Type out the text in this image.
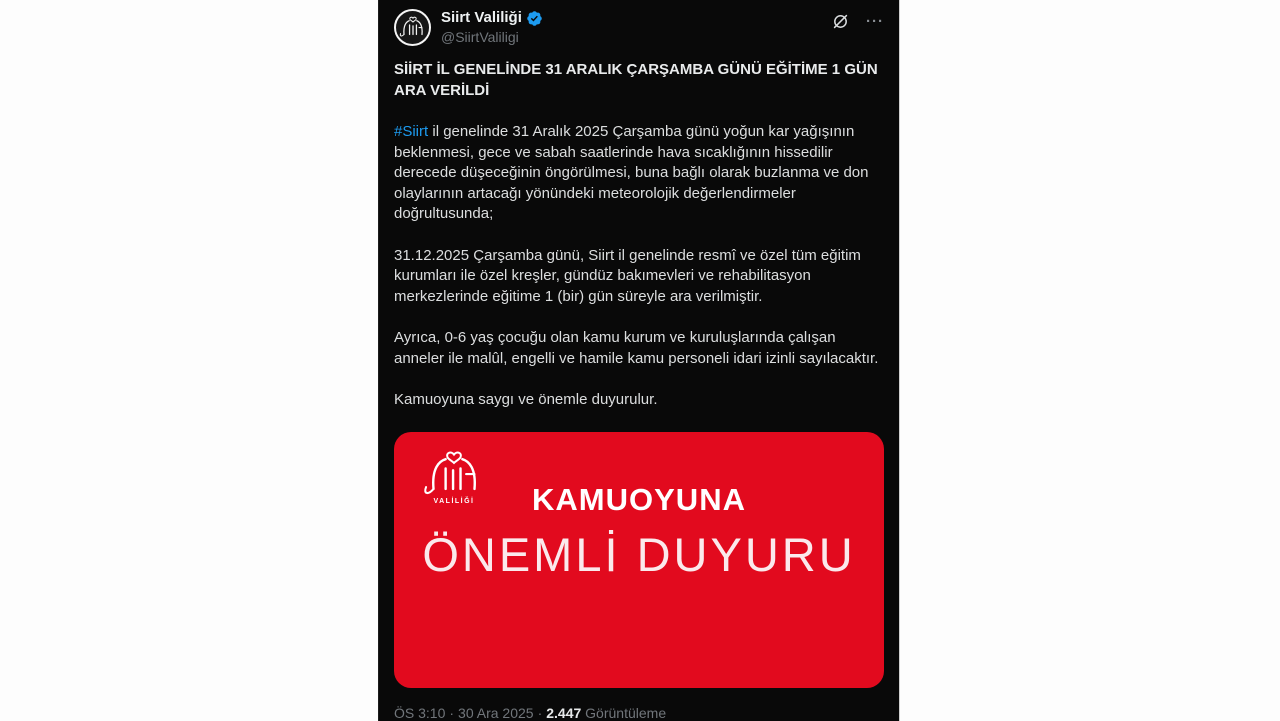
Siirt Valiliği
@SiirtValiligi
···
SİİRT İL GENELİNDE 31 ARALIK ÇARŞAMBA GÜNÜ EĞİTİME 1 GÜN ARA VERİLDİ
#Siirt il genelinde 31 Aralık 2025 Çarşamba günü yoğun kar yağışının beklenmesi, gece ve sabah saatlerinde hava sıcaklığının hissedilir derecede düşeceğinin öngörülmesi, buna bağlı olarak buzlanma ve don olaylarının artacağı yönündeki meteorolojik değerlendirmeler doğrultusunda;
31.12.2025 Çarşamba günü, Siirt il genelinde resmî ve özel tüm eğitim kurumları ile özel kreşler, gündüz bakımevleri ve rehabilitasyon merkezlerinde eğitime 1 (bir) gün süreyle ara verilmiştir.
Ayrıca, 0-6 yaş çocuğu olan kamu kurum ve kuruluşlarında çalışan anneler ile malûl, engelli ve hamile kamu personeli idari izinli sayılacaktır.
Kamuoyuna saygı ve önemle duyurulur.
VALİLİĞİ	KAMUOYUNA
ÖNEMLİ DUYURU
ÖS 3:10 · 30 Ara 2025 · 2.447 Görüntüleme
